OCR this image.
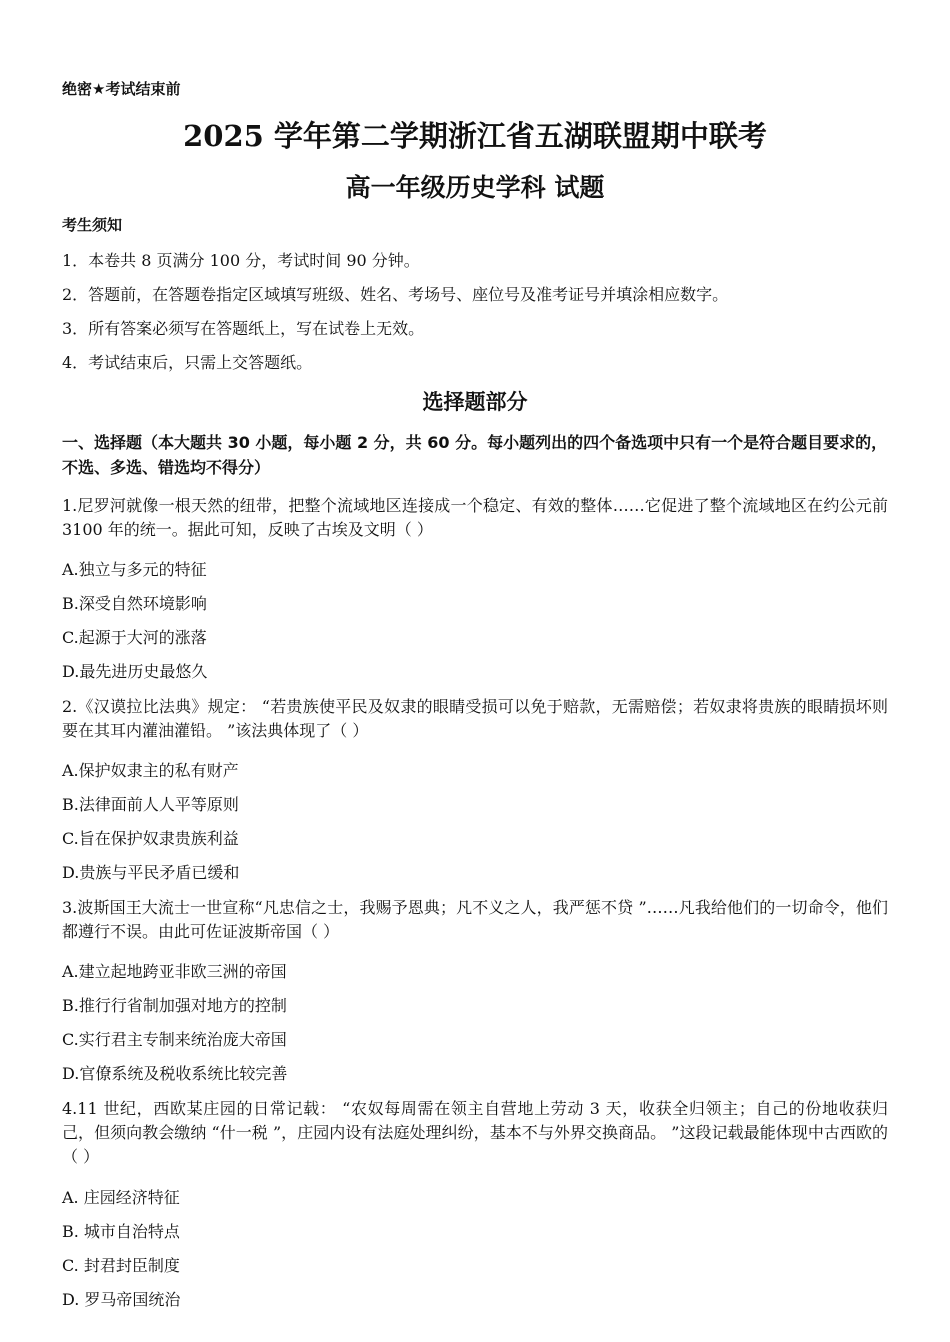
绝密★考试结束前
2025 学年第二学期浙江省五湖联盟期中联考
高一年级历史学科 试题
考生须知
1．本卷共 8 页满分 100 分，考试时间 90 分钟。
2．答题前，在答题卷指定区域填写班级、姓名、考场号、座位号及准考证号并填涂相应数字。
3．所有答案必须写在答题纸上，写在试卷上无效。
4．考试结束后，只需上交答题纸。
选择题部分
一、选择题（本大题共 30 小题，每小题 2 分，共 60 分。每小题列出的四个备选项中只有一个是符合题目要求的，不选、多选、错选均不得分）
1.尼罗河就像一根天然的纽带，把整个流域地区连接成一个稳定、有效的整体……它促进了整个流域地区在约公元前 3100 年的统一。据此可知，反映了古埃及文明（ ）
A.独立与多元的特征
B.深受自然环境影响
C.起源于大河的涨落
D.最先进历史最悠久
2.《汉谟拉比法典》规定： “若贵族使平民及奴隶的眼睛受损可以免于赔款，无需赔偿；若奴隶将贵族的眼睛损坏则要在其耳内灌油灌铅。 ”该法典体现了（ ）
A.保护奴隶主的私有财产
B.法律面前人人平等原则
C.旨在保护奴隶贵族利益
D.贵族与平民矛盾已缓和
3.波斯国王大流士一世宣称“凡忠信之士，我赐予恩典；凡不义之人，我严惩不贷 ”……凡我给他们的一切命令，他们都遵行不误。由此可佐证波斯帝国（ ）
A.建立起地跨亚非欧三洲的帝国
B.推行行省制加强对地方的控制
C.实行君主专制来统治庞大帝国
D.官僚系统及税收系统比较完善
4.11 世纪，西欧某庄园的日常记载： “农奴每周需在领主自营地上劳动 3 天，收获全归领主；自己的份地收获归己，但须向教会缴纳 “什一税 ”，庄园内设有法庭处理纠纷，基本不与外界交换商品。 ”这段记载最能体现中古西欧的（ ）
A. 庄园经济特征
B. 城市自治特点
C. 封君封臣制度
D. 罗马帝国统治
